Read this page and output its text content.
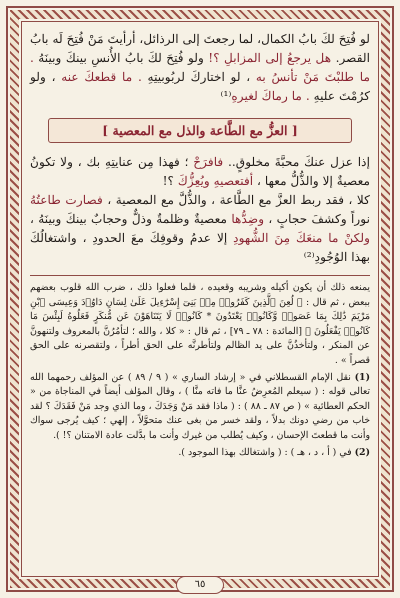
لو فُتِحَ لكَ بابُ الكمال، لما رجعتَ إلى الرذائل، أرأيتَ مَنْ فُتِحَ لَه بابُ القصر. هل يرجعُ إلى المزابلِ ؟! ولو فُتِحَ لكَ بابُ الأُنسِ بينكَ وبينَهُ . ما طلبْتَ مَنْ تأنسُ به ، لو اختاركَ لربُوبيتِهِ . ما قطعكَ عنه ، ولو كرُمْتَ عليهِ . ما رماكَ لغيرهِ⁽¹⁾

[ العزُّ مع الطَّاعة والذل مع المعصية ]

إذا عزل عنكَ محبَّةَ مخلوقٍ.. فافرَحْ ؛ فهذا مِن عنايتِهِ بك ، ولا تكونُ معصيةٌ إلا والذُّلُّ معها ، أفتعصيهِ ويُعِزُّكَ ؟!

كلا ، فقد ربط العزَّ مع الطَّاعة ، والذُّلَّ مع المعصية ، فصارت طاعتُهُ نوراً وكشفَ حجابٍ ، وضِدُّها معصيةٌ وظلمةٌ وذلٌّ وحجابٌ بينكَ وبينَهُ ، ولكنْ ما منعَكَ مِنَ الشُّهودِ إلا عدمُ وقوفِكَ معَ الحدودِ ، واشتغالُكَ بهذا الوُجُودِ⁽²⁾

يمنعه ذلك أن يكون أكيله وشريبه وقعيده ، فلما فعلوا ذلك ، ضرب الله قلوب بعضهم ببعض ، ثم قال : ﴿ لُعِنَ ٱلَّذِينَ كَفَرُوا۟ مِنۢ بَنِىٓ إِسْرَٰٓءِيلَ عَلَىٰ لِسَانِ دَاوُۥدَ وَعِيسَى ٱبْنِ مَرْيَمَ ذَٰلِكَ بِمَا عَصَوا۟ وَّكَانُوا۟ يَعْتَدُونَ * كَانُوا۟ لَا يَتَنَاهَوْنَ عَن مُّنكَرٍ فَعَلُوهُ لَبِئْسَ مَا كَانُوا۟ يَفْعَلُونَ ﴾ [المائدة : ٧٨ ـ ٧٩] ، ثم قال : « كلا ، والله ؛ لتأمُرُنَّ بالمعروف ولتنهونَّ عن المنكر ، ولتأخذُنَّ على يد الظالم ولتأطرنَّه على الحق أطراً ، ولتقصرنه على الحق قصراً » .

(1) نقل الإمام القسطلاني في « إرشاد الساري » ( ٩ / ٨٩ ) عن المؤلف رحمهما الله تعالى قوله : ( سيعلم المُعرِضُ عنَّا ما فاته منَّا ) ، وقال المؤلف أيضاً في المناجاة من « الحكم العطائية » ( ص ٨٧ ـ ٨٨ ) : ( ماذا فقد مَنْ وَجَدَكَ ، وما الذي وجد مَنْ فَقَدَكَ ؟ لقد خاب من رضي دونك بدلاً ، ولقد خسر من بغى عنك متحوَّلاً ، إلهي ؛ كيف يُرجى سواك وأنت ما قطعتَ الإحسان ، وكيف يُطلب من غيرك وأنت ما بدَّلت عادة الامتنان ؟! ).

(2) في ( أ ، د ، هـ ) : ( واشتغالك بهذا الموجود ).

٦٥
